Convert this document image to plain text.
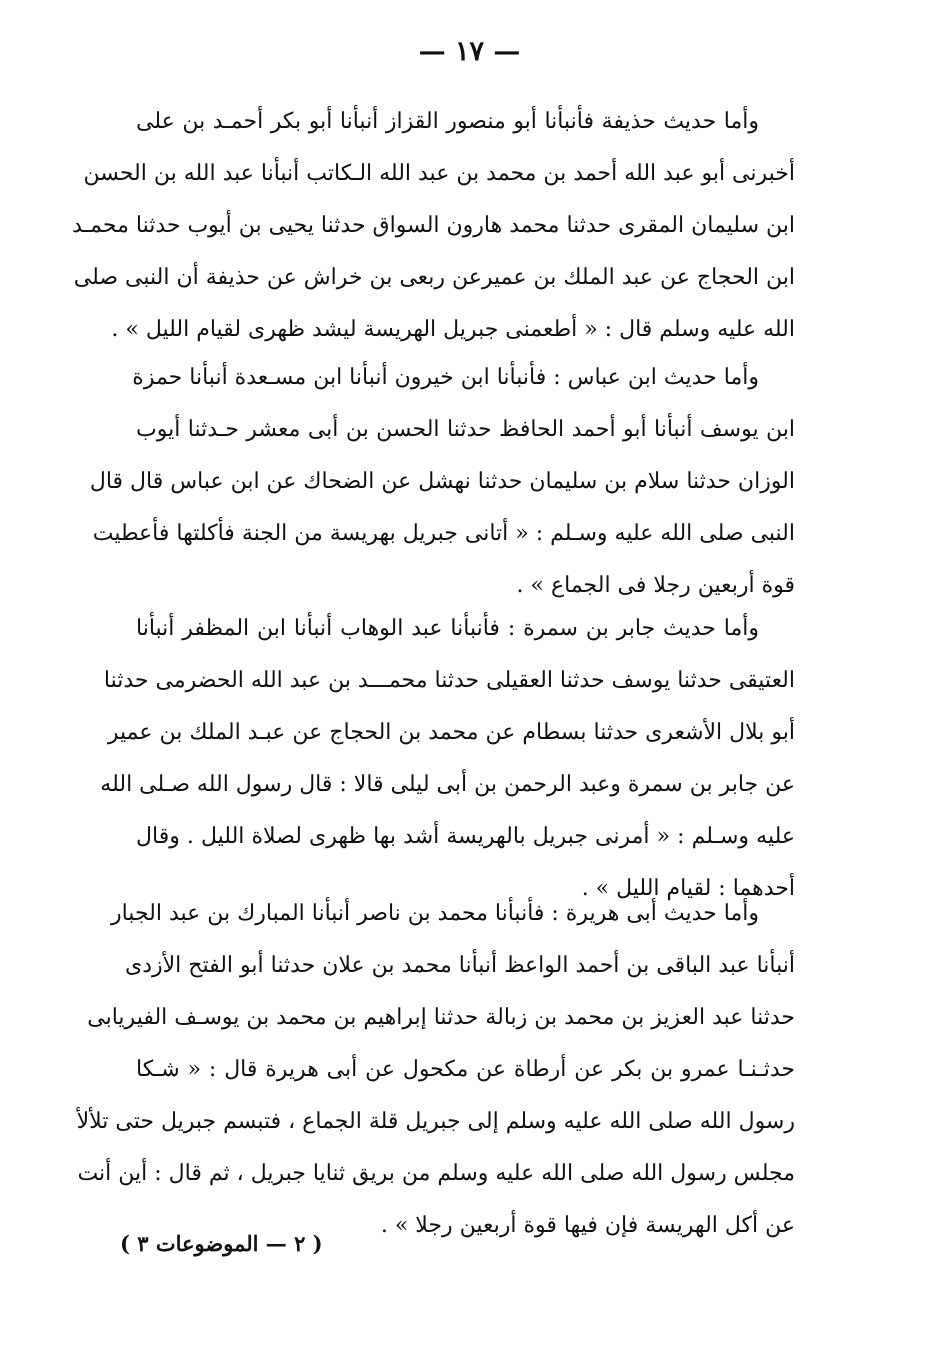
— ١٧ —
وأما حديث حذيفة فأنبأنا أبو منصور القزاز أنبأنا أبو بكر أحمـد بن على
أخبرنى أبو عبد الله أحمد بن محمد بن عبد الله الـكاتب أنبأنا عبد الله بن الحسن
ابن سليمان المقرى حدثنا محمد هارون السواق حدثنا يحيى بن أيوب حدثنا محمـد
ابن الحجاج عن عبد الملك بن عميرعن ربعى بن خراش عن حذيفة أن النبى صلى
الله عليه وسلم قال : « أطعمنى جبريل الهريسة ليشد ظهرى لقيام الليل » .
وأما حديث ابن عباس : فأنبأنا ابن خيرون أنبأنا ابن مسـعدة أنبأنا حمزة
ابن يوسف أنبأنا أبو أحمد الحافظ حدثنا الحسن بن أبى معشر حـدثنا أيوب
الوزان حدثنا سلام بن سليمان حدثنا نهشل عن الضحاك عن ابن عباس قال قال
النبى صلى الله عليه وسـلم : « أتانى جبريل بهريسة من الجنة فأكلتها فأعطيت
قوة أربعين رجلا فى الجماع » .
وأما حديث جابر بن سمرة : فأنبأنا عبد الوهاب أنبأنا ابن المظفر أنبأنا
العتيقى حدثنا يوسف حدثنا العقيلى حدثنا محمـــد بن عبد الله الحضرمى حدثنا
أبو بلال الأشعرى حدثنا بسطام عن محمد بن الحجاج عن عبـد الملك بن عمير
عن جابر بن سمرة وعبد الرحمن بن أبى ليلى قالا : قال رسول الله صـلى الله
عليه وسـلم : « أمرنى جبريل بالهريسة أشد بها ظهرى لصلاة الليل . وقال
أحدهما : لقيام الليل » .
وأما حديث أبى هريرة : فأنبأنا محمد بن ناصر أنبأنا المبارك بن عبد الجبار
أنبأنا عبد الباقى بن أحمد الواعظ أنبأنا محمد بن علان حدثنا أبو الفتح الأزدى
حدثنا عبد العزيز بن محمد بن زبالة حدثنا إبراهيم بن محمد بن يوسـف الفيريابى
حدثـنـا عمرو بن بكر عن أرطاة عن مكحول عن أبى هريرة قال : « شـكا
رسول الله صلى الله عليه وسلم إلى جبريل قلة الجماع ، فتبسم جبريل حتى تلألأ
مجلس رسول الله صلى الله عليه وسلم من بريق ثنايا جبريل ، ثم قال : أين أنت
عن أكل الهريسة فإن فيها قوة أربعين رجلا » .
( ٢ — الموضوعات ٣ )
